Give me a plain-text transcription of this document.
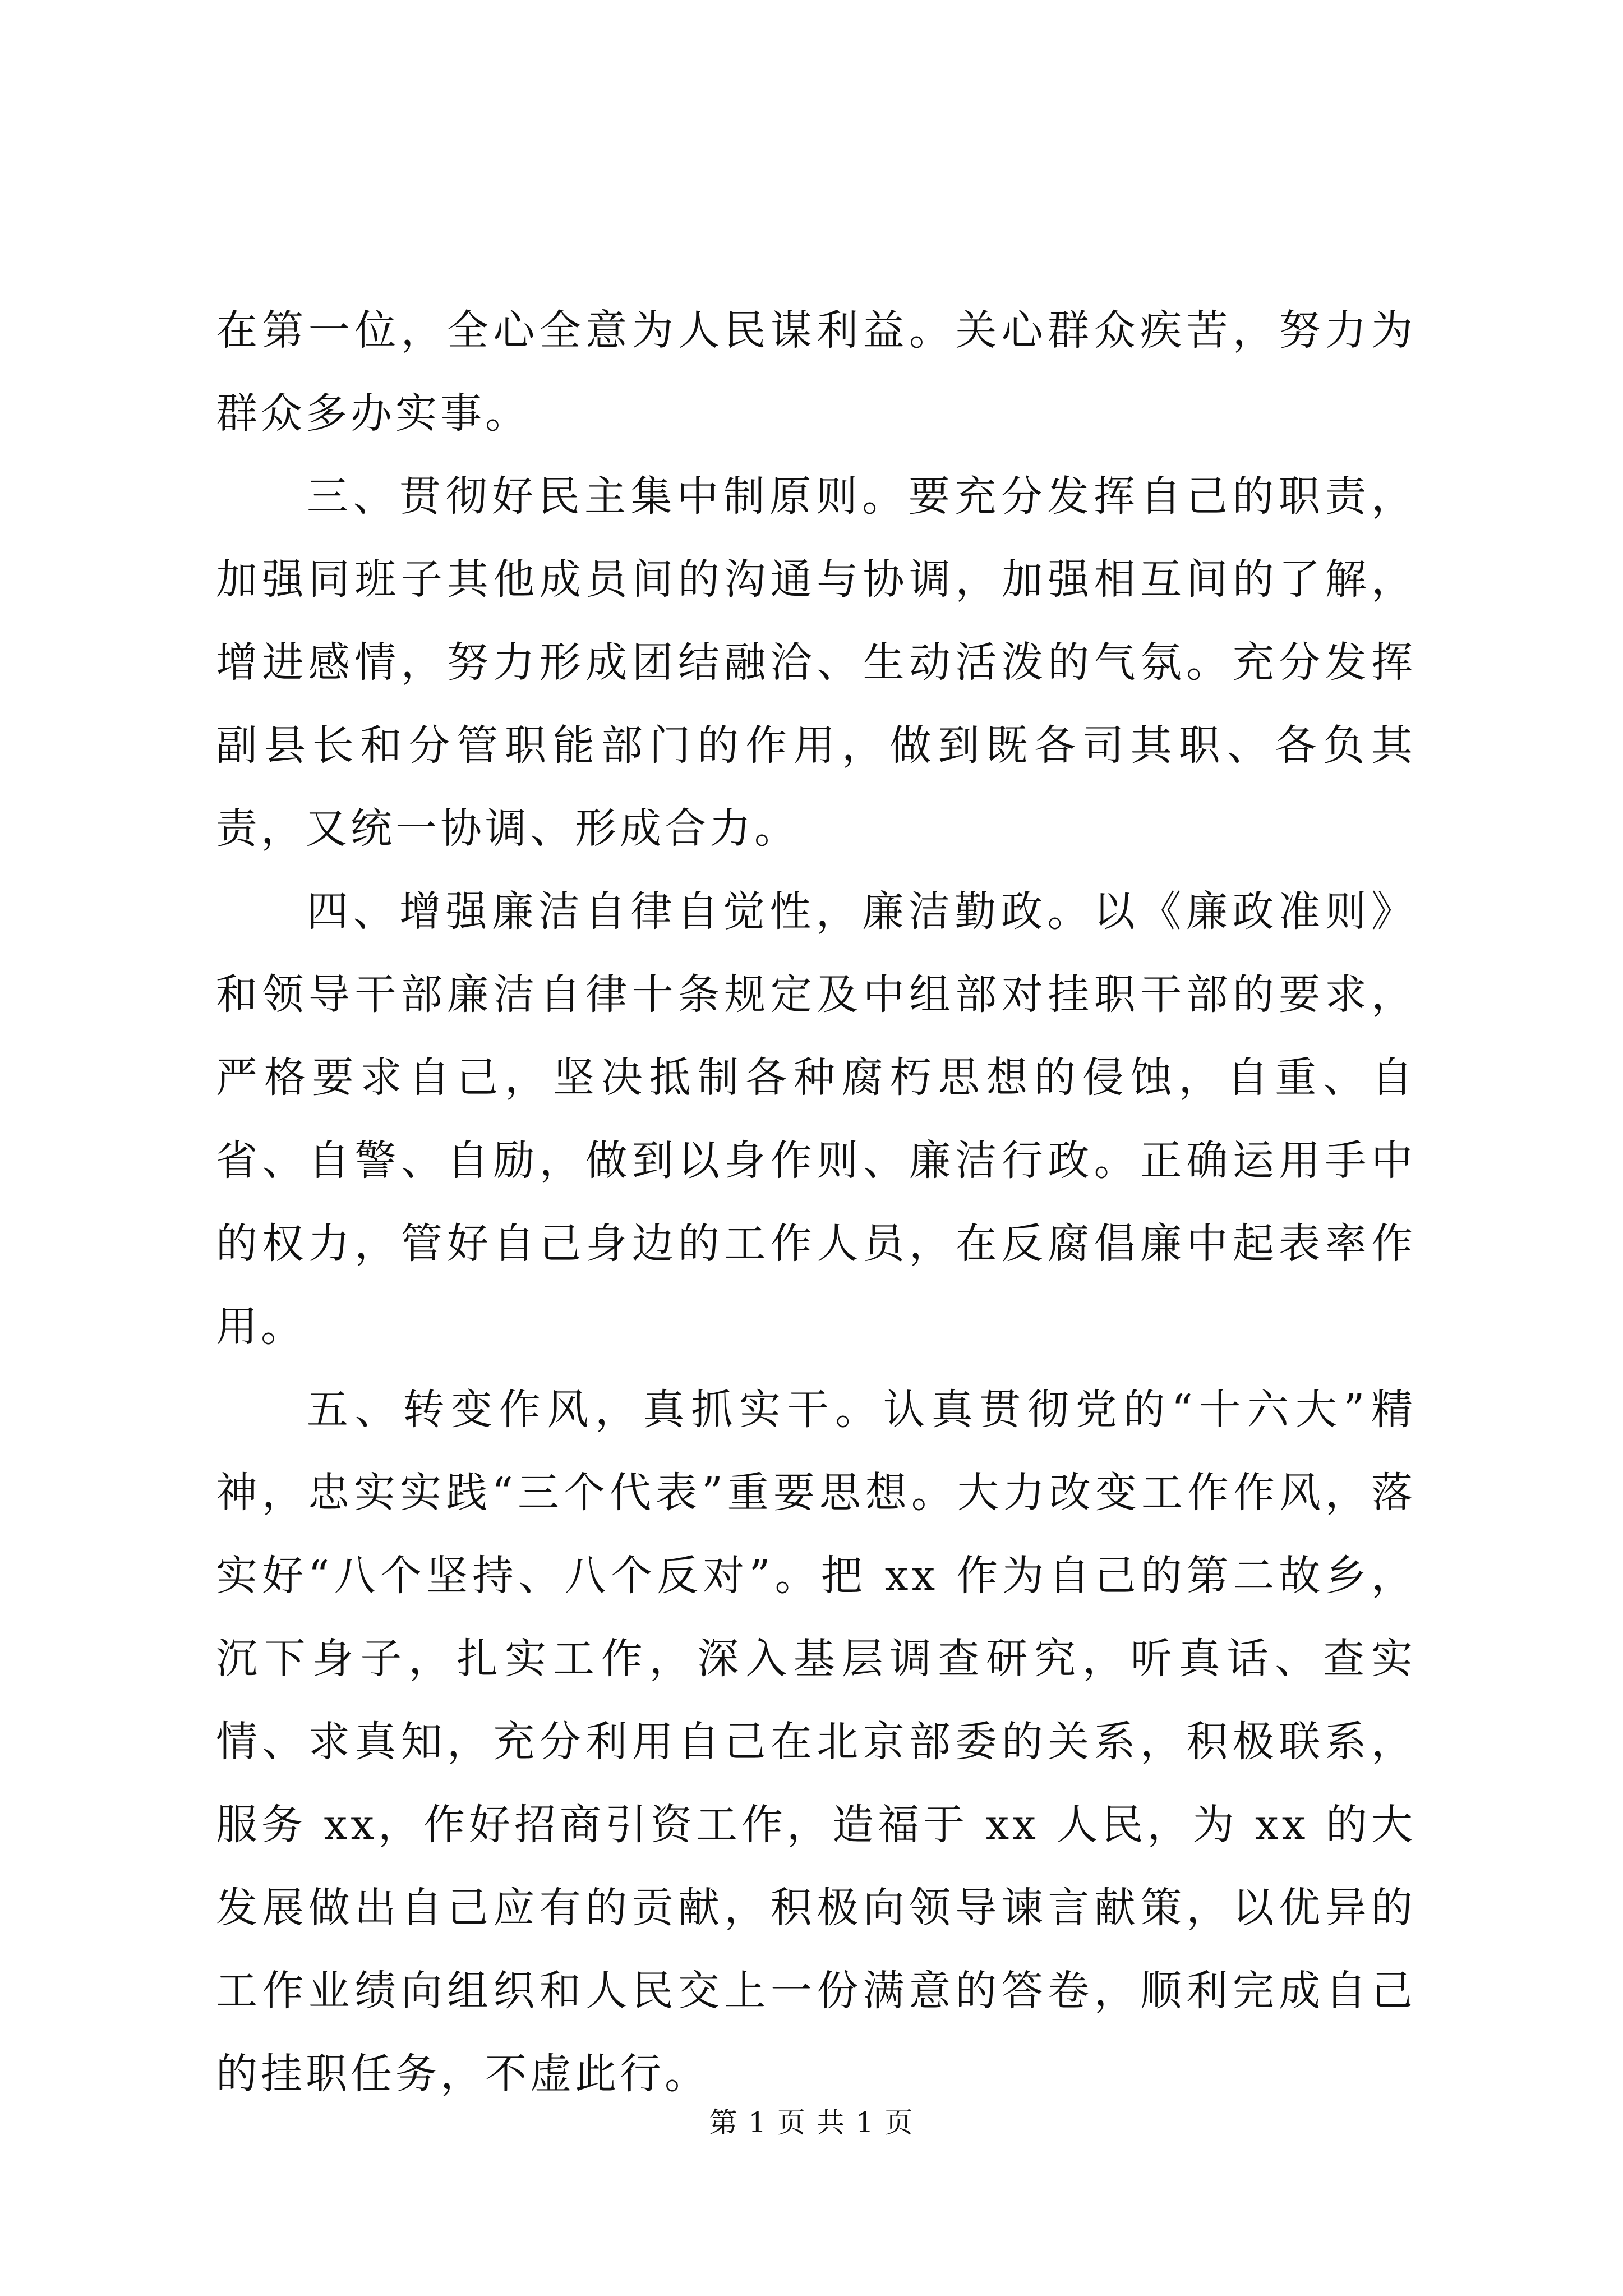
在第一位，全心全意为人民谋利益。关心群众疾苦，努力为群众多办实事。

三、贯彻好民主集中制原则。要充分发挥自己的职责，加强同班子其他成员间的沟通与协调，加强相互间的了解，增进感情，努力形成团结融洽、生动活泼的气氛。充分发挥副县长和分管职能部门的作用，做到既各司其职、各负其责，又统一协调、形成合力。

四、增强廉洁自律自觉性，廉洁勤政。以《廉政准则》和领导干部廉洁自律十条规定及中组部对挂职干部的要求，严格要求自己，坚决抵制各种腐朽思想的侵蚀，自重、自省、自警、自励，做到以身作则、廉洁行政。正确运用手中的权力，管好自己身边的工作人员，在反腐倡廉中起表率作用。

五、转变作风，真抓实干。认真贯彻党的“十六大”精神，忠实实践“三个代表”重要思想。大力改变工作作风，落实好“八个坚持、八个反对”。把 xx 作为自己的第二故乡，沉下身子，扎实工作，深入基层调查研究，听真话、查实情、求真知，充分利用自己在北京部委的关系，积极联系，服务 xx，作好招商引资工作，造福于 xx 人民，为 xx 的大发展做出自己应有的贡献，积极向领导谏言献策，以优异的工作业绩向组织和人民交上一份满意的答卷，顺利完成自己的挂职任务，不虚此行。

第 1 页 共 1 页
